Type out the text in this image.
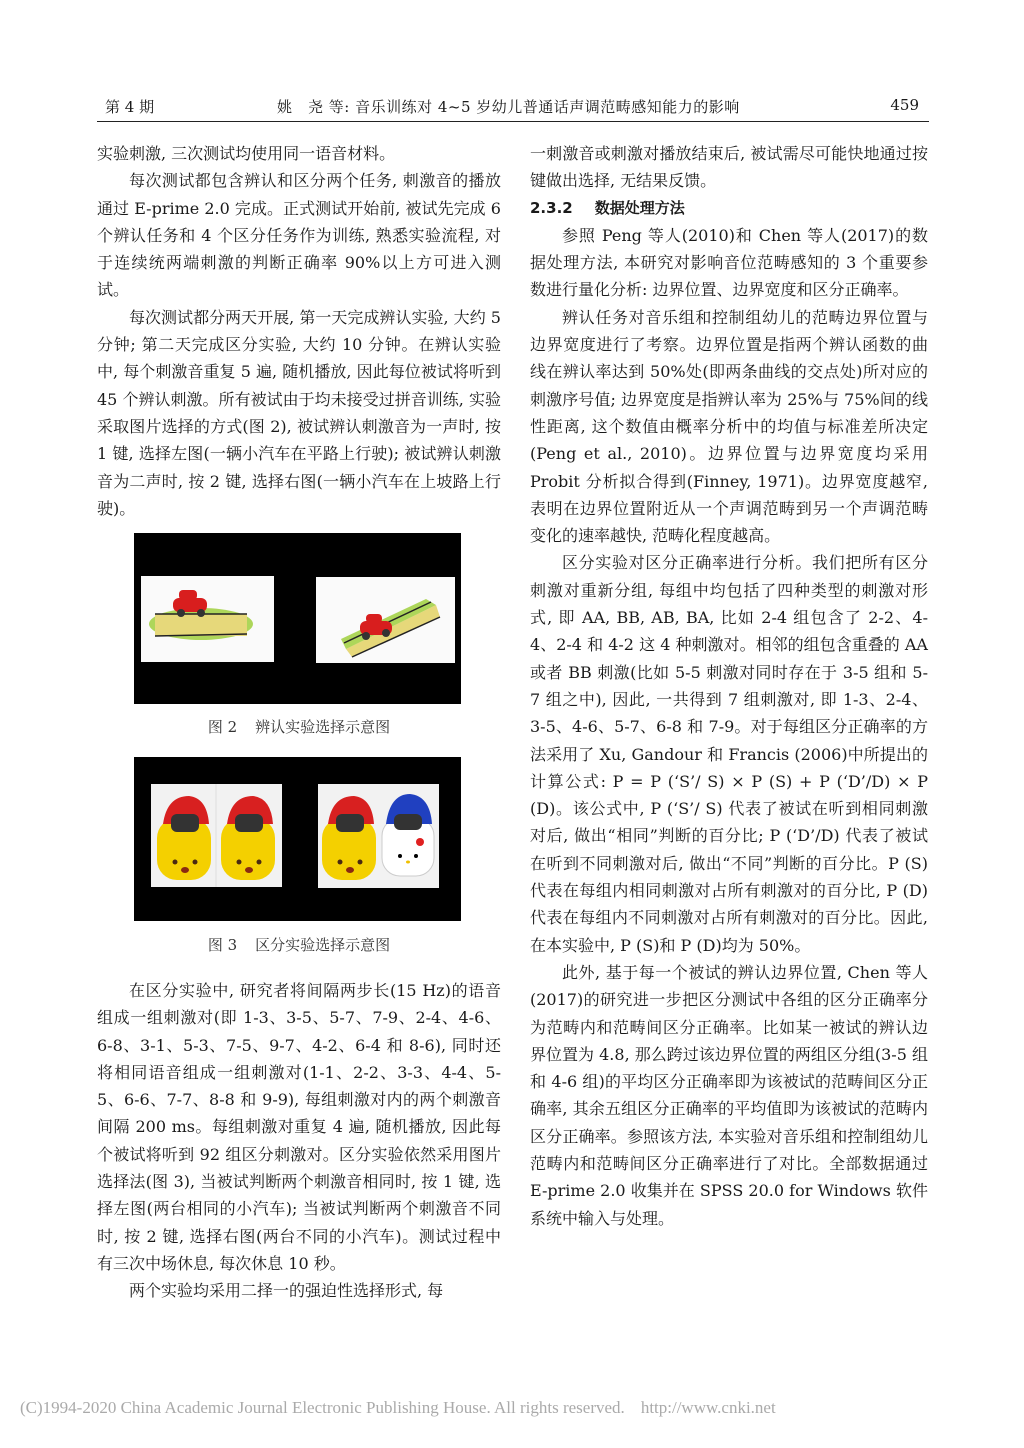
第 4 期	姚　尧 等: 音乐训练对 4~5 岁幼儿普通话声调范畴感知能力的影响	459

实验刺激, 三次测试均使用同一语音材料。

每次测试都包含辨认和区分两个任务, 刺激音的播放通过 E-prime 2.0 完成。正式测试开始前, 被试先完成 6 个辨认任务和 4 个区分任务作为训练, 熟悉实验流程, 对于连续统两端刺激的判断正确率 90%以上方可进入测试。

每次测试都分两天开展, 第一天完成辨认实验, 大约 5 分钟; 第二天完成区分实验, 大约 10 分钟。在辨认实验中, 每个刺激音重复 5 遍, 随机播放, 因此每位被试将听到 45 个辨认刺激。所有被试由于均未接受过拼音训练, 实验采取图片选择的方式(图 2), 被试辨认刺激音为一声时, 按 1 键, 选择左图(一辆小汽车在平路上行驶); 被试辨认刺激音为二声时, 按 2 键, 选择右图(一辆小汽车在上坡路上行驶)。

图 2 辨认实验选择示意图
图 3 区分实验选择示意图

在区分实验中, 研究者将间隔两步长(15 Hz)的语音组成一组刺激对(即 1-3、3-5、5-7、7-9、2-4、4-6、6-8、3-1、5-3、7-5、9-7、4-2、6-4 和 8-6), 同时还将相同语音组成一组刺激对(1-1、2-2、3-3、4-4、5-5、6-6、7-7、8-8 和 9-9), 每组刺激对内的两个刺激音间隔 200 ms。每组刺激对重复 4 遍, 随机播放, 因此每个被试将听到 92 组区分刺激对。区分实验依然采用图片选择法(图 3), 当被试判断两个刺激音相同时, 按 1 键, 选择左图(两台相同的小汽车); 当被试判断两个刺激音不同时, 按 2 键, 选择右图(两台不同的小汽车)。测试过程中有三次中场休息, 每次休息 10 秒。

两个实验均采用二择一的强迫性选择形式, 每

一刺激音或刺激对播放结束后, 被试需尽可能快地通过按键做出选择, 无结果反馈。

2.3.2 数据处理方法

参照 Peng 等人(2010)和 Chen 等人(2017)的数据处理方法, 本研究对影响音位范畴感知的 3 个重要参数进行量化分析: 边界位置、边界宽度和区分正确率。

辨认任务对音乐组和控制组幼儿的范畴边界位置与边界宽度进行了考察。边界位置是指两个辨认函数的曲线在辨认率达到 50%处(即两条曲线的交点处)所对应的刺激序号值; 边界宽度是指辨认率为 25%与 75%间的线性距离, 这个数值由概率分析中的均值与标准差所决定(Peng et al., 2010)。边界位置与边界宽度均采用 Probit 分析拟合得到(Finney, 1971)。边界宽度越窄, 表明在边界位置附近从一个声调范畴到另一个声调范畴变化的速率越快, 范畴化程度越高。

区分实验对区分正确率进行分析。我们把所有区分刺激对重新分组, 每组中均包括了四种类型的刺激对形式, 即 AA, BB, AB, BA, 比如 2-4 组包含了 2-2、4-4、2-4 和 4-2 这 4 种刺激对。相邻的组包含重叠的 AA 或者 BB 刺激(比如 5-5 刺激对同时存在于 3-5 组和 5-7 组之中), 因此, 一共得到 7 组刺激对, 即 1-3、2-4、3-5、4-6、5-7、6-8 和 7-9。对于每组区分正确率的方法采用了 Xu, Gandour 和 Francis (2006)中所提出的计算公式: P = P (‘S’/ S) × P (S) + P (‘D’/D) × P (D)。该公式中, P (‘S’/ S) 代表了被试在听到相同刺激对后, 做出“相同”判断的百分比; P (‘D’/D) 代表了被试在听到不同刺激对后, 做出“不同”判断的百分比。P (S)代表在每组内相同刺激对占所有刺激对的百分比, P (D)代表在每组内不同刺激对占所有刺激对的百分比。因此, 在本实验中, P (S)和 P (D)均为 50%。

此外, 基于每一个被试的辨认边界位置, Chen 等人(2017)的研究进一步把区分测试中各组的区分正确率分为范畴内和范畴间区分正确率。比如某一被试的辨认边界位置为 4.8, 那么跨过该边界位置的两组区分组(3-5 组和 4-6 组)的平均区分正确率即为该被试的范畴间区分正确率, 其余五组区分正确率的平均值即为该被试的范畴内区分正确率。参照该方法, 本实验对音乐组和控制组幼儿范畴内和范畴间区分正确率进行了对比。全部数据通过 E-prime 2.0 收集并在 SPSS 20.0 for Windows 软件系统中输入与处理。

(C)1994-2020 China Academic Journal Electronic Publishing House. All rights reserved. http://www.cnki.net
